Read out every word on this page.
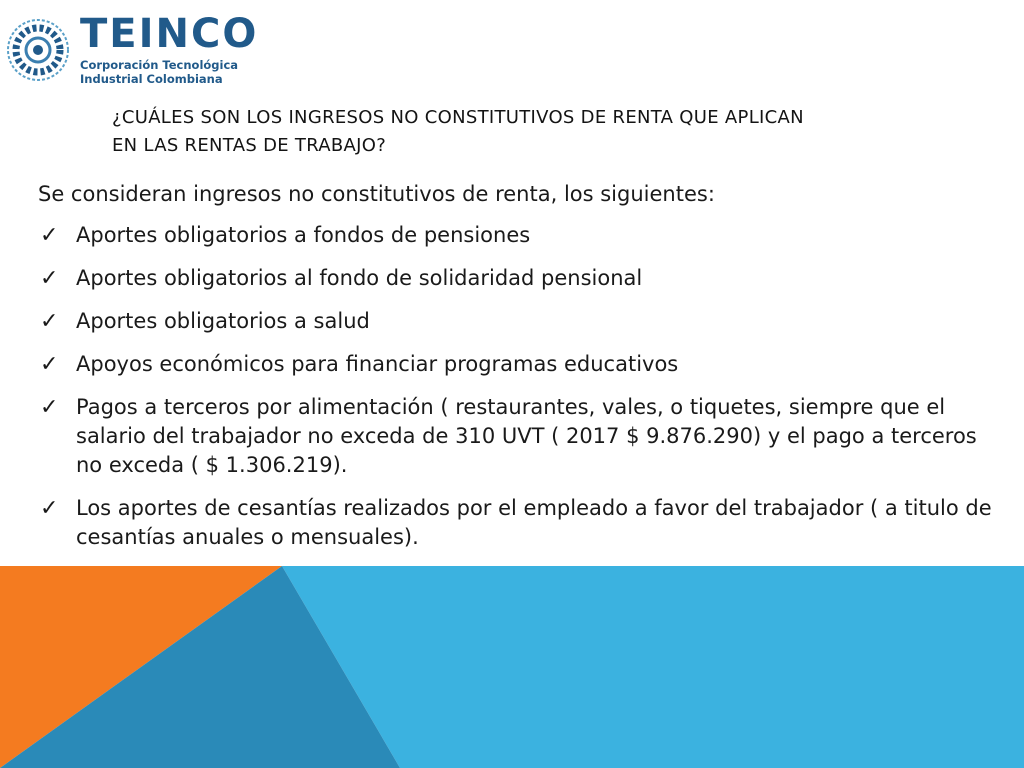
TEINCO
Corporación Tecnológica
Industrial Colombiana
¿CUÁLES SON LOS INGRESOS NO CONSTITUTIVOS DE RENTA QUE APLICAN
EN LAS RENTAS DE TRABAJO?

Se consideran ingresos no constitutivos de renta, los siguientes:

✓ Aportes obligatorios a fondos de pensiones
✓ Aportes obligatorios al fondo de solidaridad pensional
✓ Aportes obligatorios a salud
✓ Apoyos económicos para financiar programas educativos
✓ Pagos a terceros por alimentación ( restaurantes, vales, o tiquetes, siempre que el salario del trabajador no exceda de 310 UVT ( 2017 $ 9.876.290) y el pago a terceros no exceda ( $ 1.306.219).
✓ Los aportes de cesantías realizados por el empleado a favor del trabajador ( a titulo de cesantías anuales o mensuales).
